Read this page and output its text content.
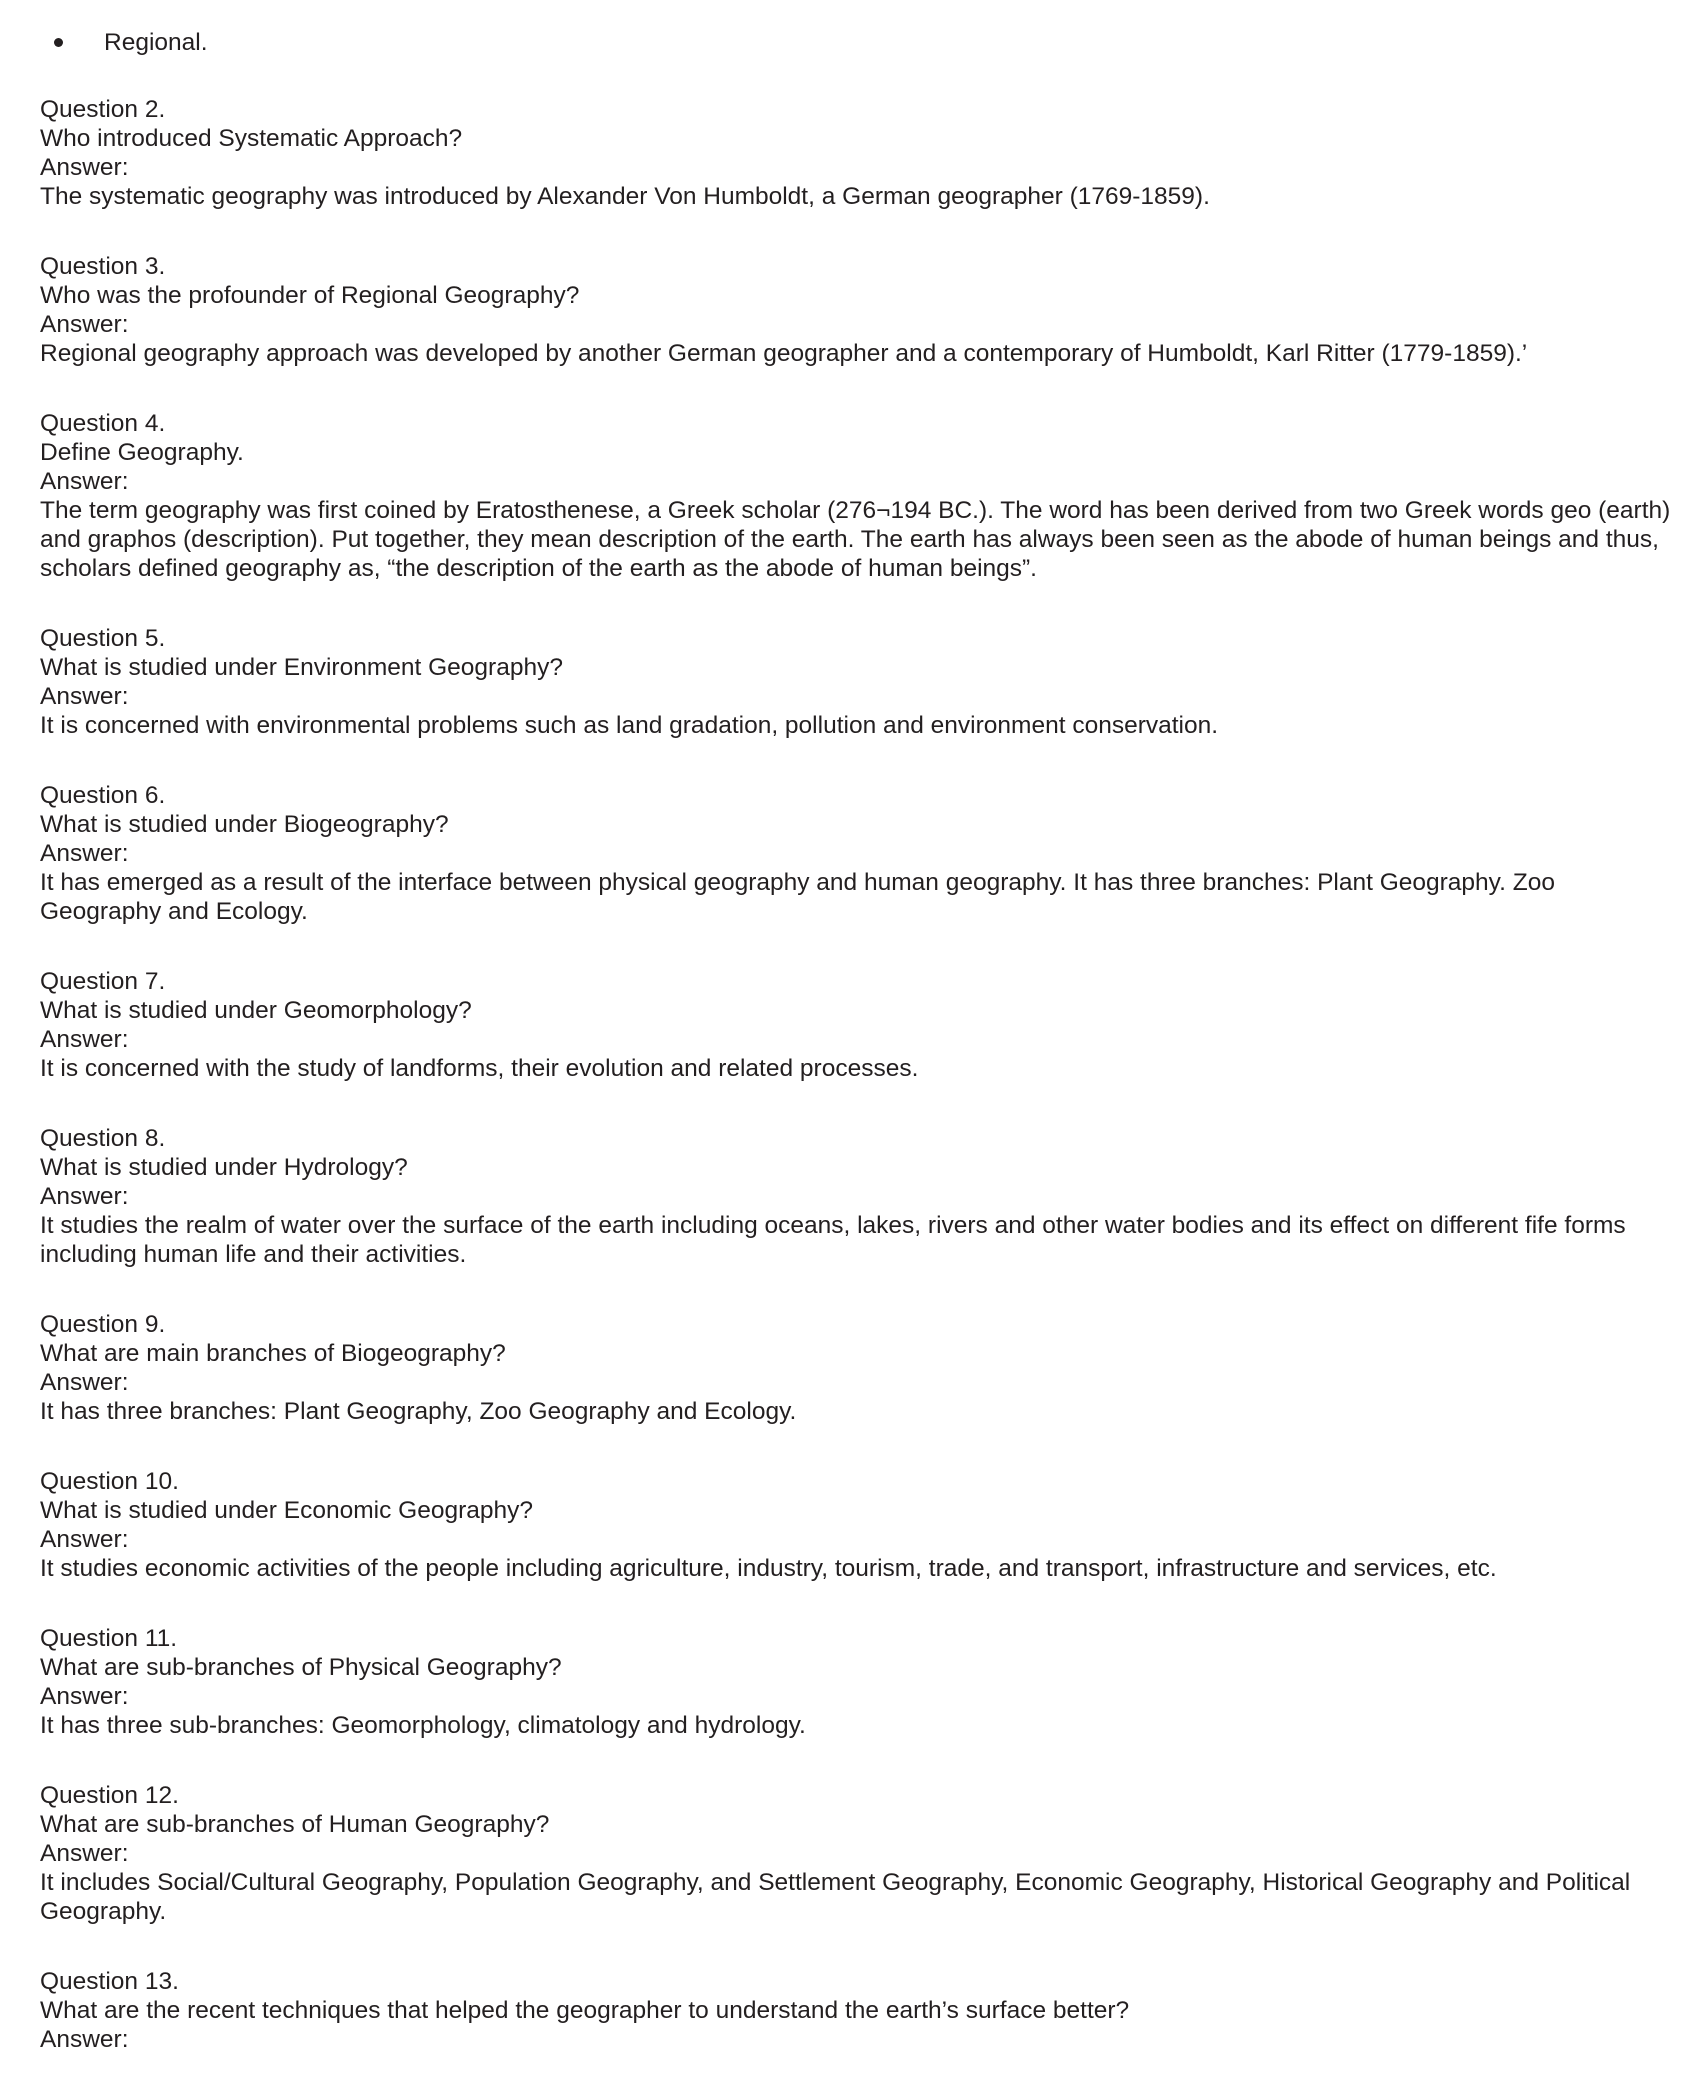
Regional.
Question 2.
Who introduced Systematic Approach?
Answer:
The systematic geography was introduced by Alexander Von Humboldt, a German geographer (1769-1859).
Question 3.
Who was the profounder of Regional Geography?
Answer:
Regional geography approach was developed by another German geographer and a contemporary of Humboldt, Karl Ritter (1779-1859).’
Question 4.
Define Geography.
Answer:
The term geography was first coined by Eratosthenese, a Greek scholar (276¬194 BC.). The word has been derived from two Greek words geo (earth) and graphos (description). Put together, they mean description of the earth. The earth has always been seen as the abode of human beings and thus, scholars defined geography as, “the description of the earth as the abode of human beings”.
Question 5.
What is studied under Environment Geography?
Answer:
It is concerned with environmental problems such as land gradation, pollution and environment conservation.
Question 6.
What is studied under Biogeography?
Answer:
It has emerged as a result of the interface between physical geography and human geography. It has three branches: Plant Geography. Zoo Geography and Ecology.
Question 7.
What is studied under Geomorphology?
Answer:
It is concerned with the study of landforms, their evolution and related processes.
Question 8.
What is studied under Hydrology?
Answer:
It studies the realm of water over the surface of the earth including oceans, lakes, rivers and other water bodies and its effect on different fife forms including human life and their activities.
Question 9.
What are main branches of Biogeography?
Answer:
It has three branches: Plant Geography, Zoo Geography and Ecology.
Question 10.
What is studied under Economic Geography?
Answer:
It studies economic activities of the people including agriculture, industry, tourism, trade, and transport, infrastructure and services, etc.
Question 11.
What are sub-branches of Physical Geography?
Answer:
It has three sub-branches: Geomorphology, climatology and hydrology.
Question 12.
What are sub-branches of Human Geography?
Answer:
It includes Social/Cultural Geography, Population Geography, and Settlement Geography, Economic Geography, Historical Geography and Political Geography.
Question 13.
What are the recent techniques that helped the geographer to understand the earth’s surface better?
Answer:
